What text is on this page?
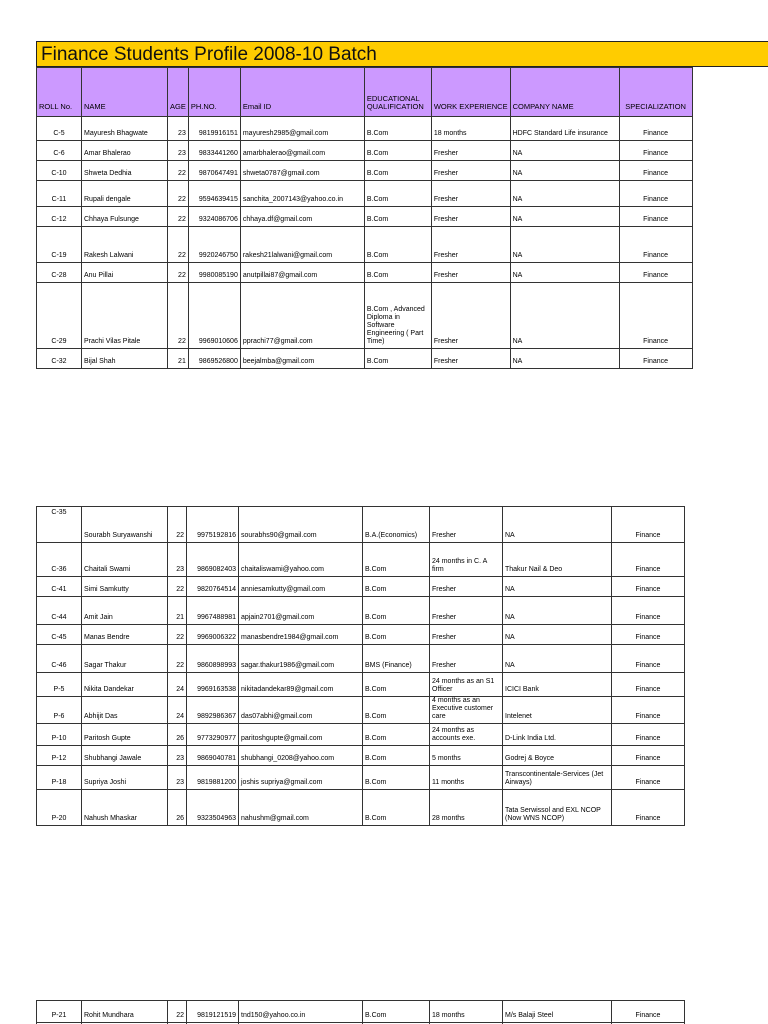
Finance Students Profile 2008-10 Batch
ROLL No.	NAME	AGE	PH.NO.	Email ID	EDUCATIONAL QUALIFICATION	WORK EXPERIENCE	COMPANY NAME	SPECIALIZATION
C-5	Mayuresh Bhagwate	23	9819916151	mayuresh2985@gmail.com	B.Com	18 months	HDFC Standard Life insurance	Finance
C-6	Amar Bhalerao	23	9833441260	amarbhalerao@gmail.com	B.Com	Fresher	NA	Finance
C-10	Shweta Dedhia	22	9870647491	shweta0787@gmail.com	B.Com	Fresher	NA	Finance
C-11	Rupali dengale	22	9594639415	sanchita_2007143@yahoo.co.in	B.Com	Fresher	NA	Finance
C-12	Chhaya Fulsunge	22	9324086706	chhaya.df@gmail.com	B.Com	Fresher	NA	Finance
C-19	Rakesh Lalwani	22	9920246750	rakesh21lalwani@gmail.com	B.Com	Fresher	NA	Finance
C-28	Anu Pillai	22	9980085190	anutpillai87@gmail.com	B.Com	Fresher	NA	Finance
C-29	Prachi Vilas Pitale	22	9969010606	pprachi77@gmail.com	B.Com , Advanced Diploma in Software Engineering ( Part Time)	Fresher	NA	Finance
C-32	Bijal Shah	21	9869526800	beejalmba@gmail.com	B.Com	Fresher	NA	Finance
C-35	Sourabh Suryawanshi	22	9975192816	sourabhs90@gmail.com	B.A.(Economics)	Fresher	NA	Finance
C-36	Chaitali Swami	23	9869082403	chaitaliswami@yahoo.com	B.Com	24 months in C. A firm	Thakur Nail & Deo	Finance
C-41	Simi Samkutty	22	9820764514	anniesamkutty@gmail.com	B.Com	Fresher	NA	Finance
C-44	Amit Jain	21	9967488981	apjain2701@gmail.com	B.Com	Fresher	NA	Finance
C-45	Manas Bendre	22	9969006322	manasbendre1984@gmail.com	B.Com	Fresher	NA	Finance
C-46	Sagar Thakur	22	9860898993	sagar.thakur1986@gmail.com	BMS (Finance)	Fresher	NA	Finance
P-5	Nikita Dandekar	24	9969163538	nikitadandekar89@gmail.com	B.Com	24 months as an S1 Officer	ICICI Bank	Finance
P-6	Abhijit Das	24	9892986367	das07abhi@gmail.com	B.Com	4 months as an Executive customer care	Intelenet	Finance
P-10	Paritosh Gupte	26	9773290977	paritoshgupte@gmail.com	B.Com	24 months as accounts exe.	D-Link India Ltd.	Finance
P-12	Shubhangi Jawale	23	9869040781	shubhangi_0208@yahoo.com	B.Com	5 months	Godrej & Boyce	Finance
P-18	Supriya Joshi	23	9819881200	joshis supriya@gmail.com	B.Com	11 months	Transcontinentale-Services (Jet Airways)	Finance
P-20	Nahush Mhaskar	26	9323504963	nahushm@gmail.com	B.Com	28 months	Tata Serwissol and EXL NCOP (Now WNS NCOP)	Finance
P-21	Rohit Mundhara	22	9819121519	tnd150@yahoo.co.in	B.Com	18 months	M/s Balaji Steel	Finance
